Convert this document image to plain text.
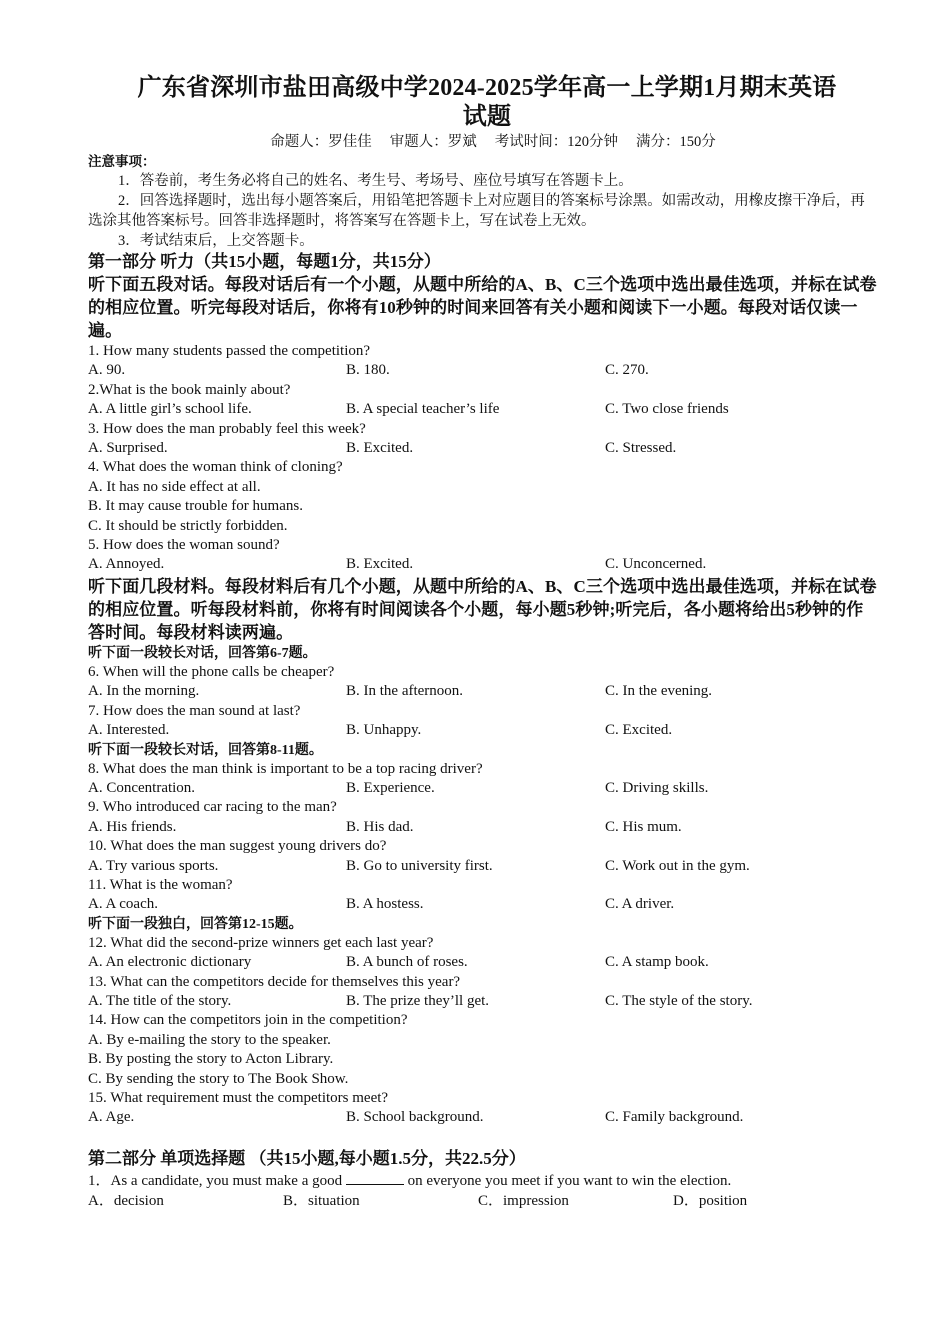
广东省深圳市盐田高级中学2024-2025学年高一上学期1月期末英语
试题
命题人：罗佳佳 审题人：罗斌 考试时间：120分钟 满分：150分
注意事项：
1．答卷前，考生务必将自己的姓名、考生号、考场号、座位号填写在答题卡上。
2．回答选择题时，选出每小题答案后，用铅笔把答题卡上对应题目的答案标号涂黑。如需改动，用橡皮擦干净后，再选涂其他答案标号。回答非选择题时，将答案写在答题卡上，写在试卷上无效。
3．考试结束后，上交答题卡。
第一部分 听力（共15小题，每题1分，共15分）
听下面五段对话。每段对话后有一个小题，从题中所给的A、B、C三个选项中选出最佳选项，并标在试卷的相应位置。听完每段对话后，你将有10秒钟的时间来回答有关小题和阅读下一小题。每段对话仅读一遍。
1. How many students passed the competition?
A. 90.	B. 180.	C. 270.
2.What is the book mainly about?
A. A little girl’s school life.	B. A special teacher’s life	C. Two close friends
3. How does the man probably feel this week?
A. Surprised.	B. Excited.	C. Stressed.
4. What does the woman think of cloning?
A. It has no side effect at all.
B. It may cause trouble for humans.
C. It should be strictly forbidden.
5. How does the woman sound?
A. Annoyed.	B. Excited.	C. Unconcerned.
听下面几段材料。每段材料后有几个小题，从题中所给的A、B、C三个选项中选出最佳选项，并标在试卷的相应位置。听每段材料前，你将有时间阅读各个小题，每小题5秒钟;听完后，各小题将给出5秒钟的作答时间。每段材料读两遍。
听下面一段较长对话，回答第6-7题。
6. When will the phone calls be cheaper?
A. In the morning.	B. In the afternoon.	C. In the evening.
7. How does the man sound at last?
A. Interested.	B. Unhappy.	C. Excited.
听下面一段较长对话，回答第8-11题。
8. What does the man think is important to be a top racing driver?
A. Concentration.	B. Experience.	C. Driving skills.
9. Who introduced car racing to the man?
A. His friends.	B. His dad.	C. His mum.
10. What does the man suggest young drivers do?
A. Try various sports.	B. Go to university first.	C. Work out in the gym.
11. What is the woman?
A. A coach.	B. A hostess.	C. A driver.
听下面一段独白，回答第12-15题。
12. What did the second-prize winners get each last year?
A. An electronic dictionary	B. A bunch of roses.	C. A stamp book.
13. What can the competitors decide for themselves this year?
A. The title of the story.	B. The prize they’ll get.	C. The style of the story.
14. How can the competitors join in the competition?
A. By e-mailing the story to the speaker.
B. By posting the story to Acton Library.
C. By sending the story to The Book Show.
15. What requirement must the competitors meet?
A. Age.	B. School background.	C. Family background.
第二部分 单项选择题 （共15小题,每小题1.5分，共22.5分）
1．As a candidate, you must make a good	on everyone you meet if you want to win the election.
A．decision	B．situation	C．impression	D．position
